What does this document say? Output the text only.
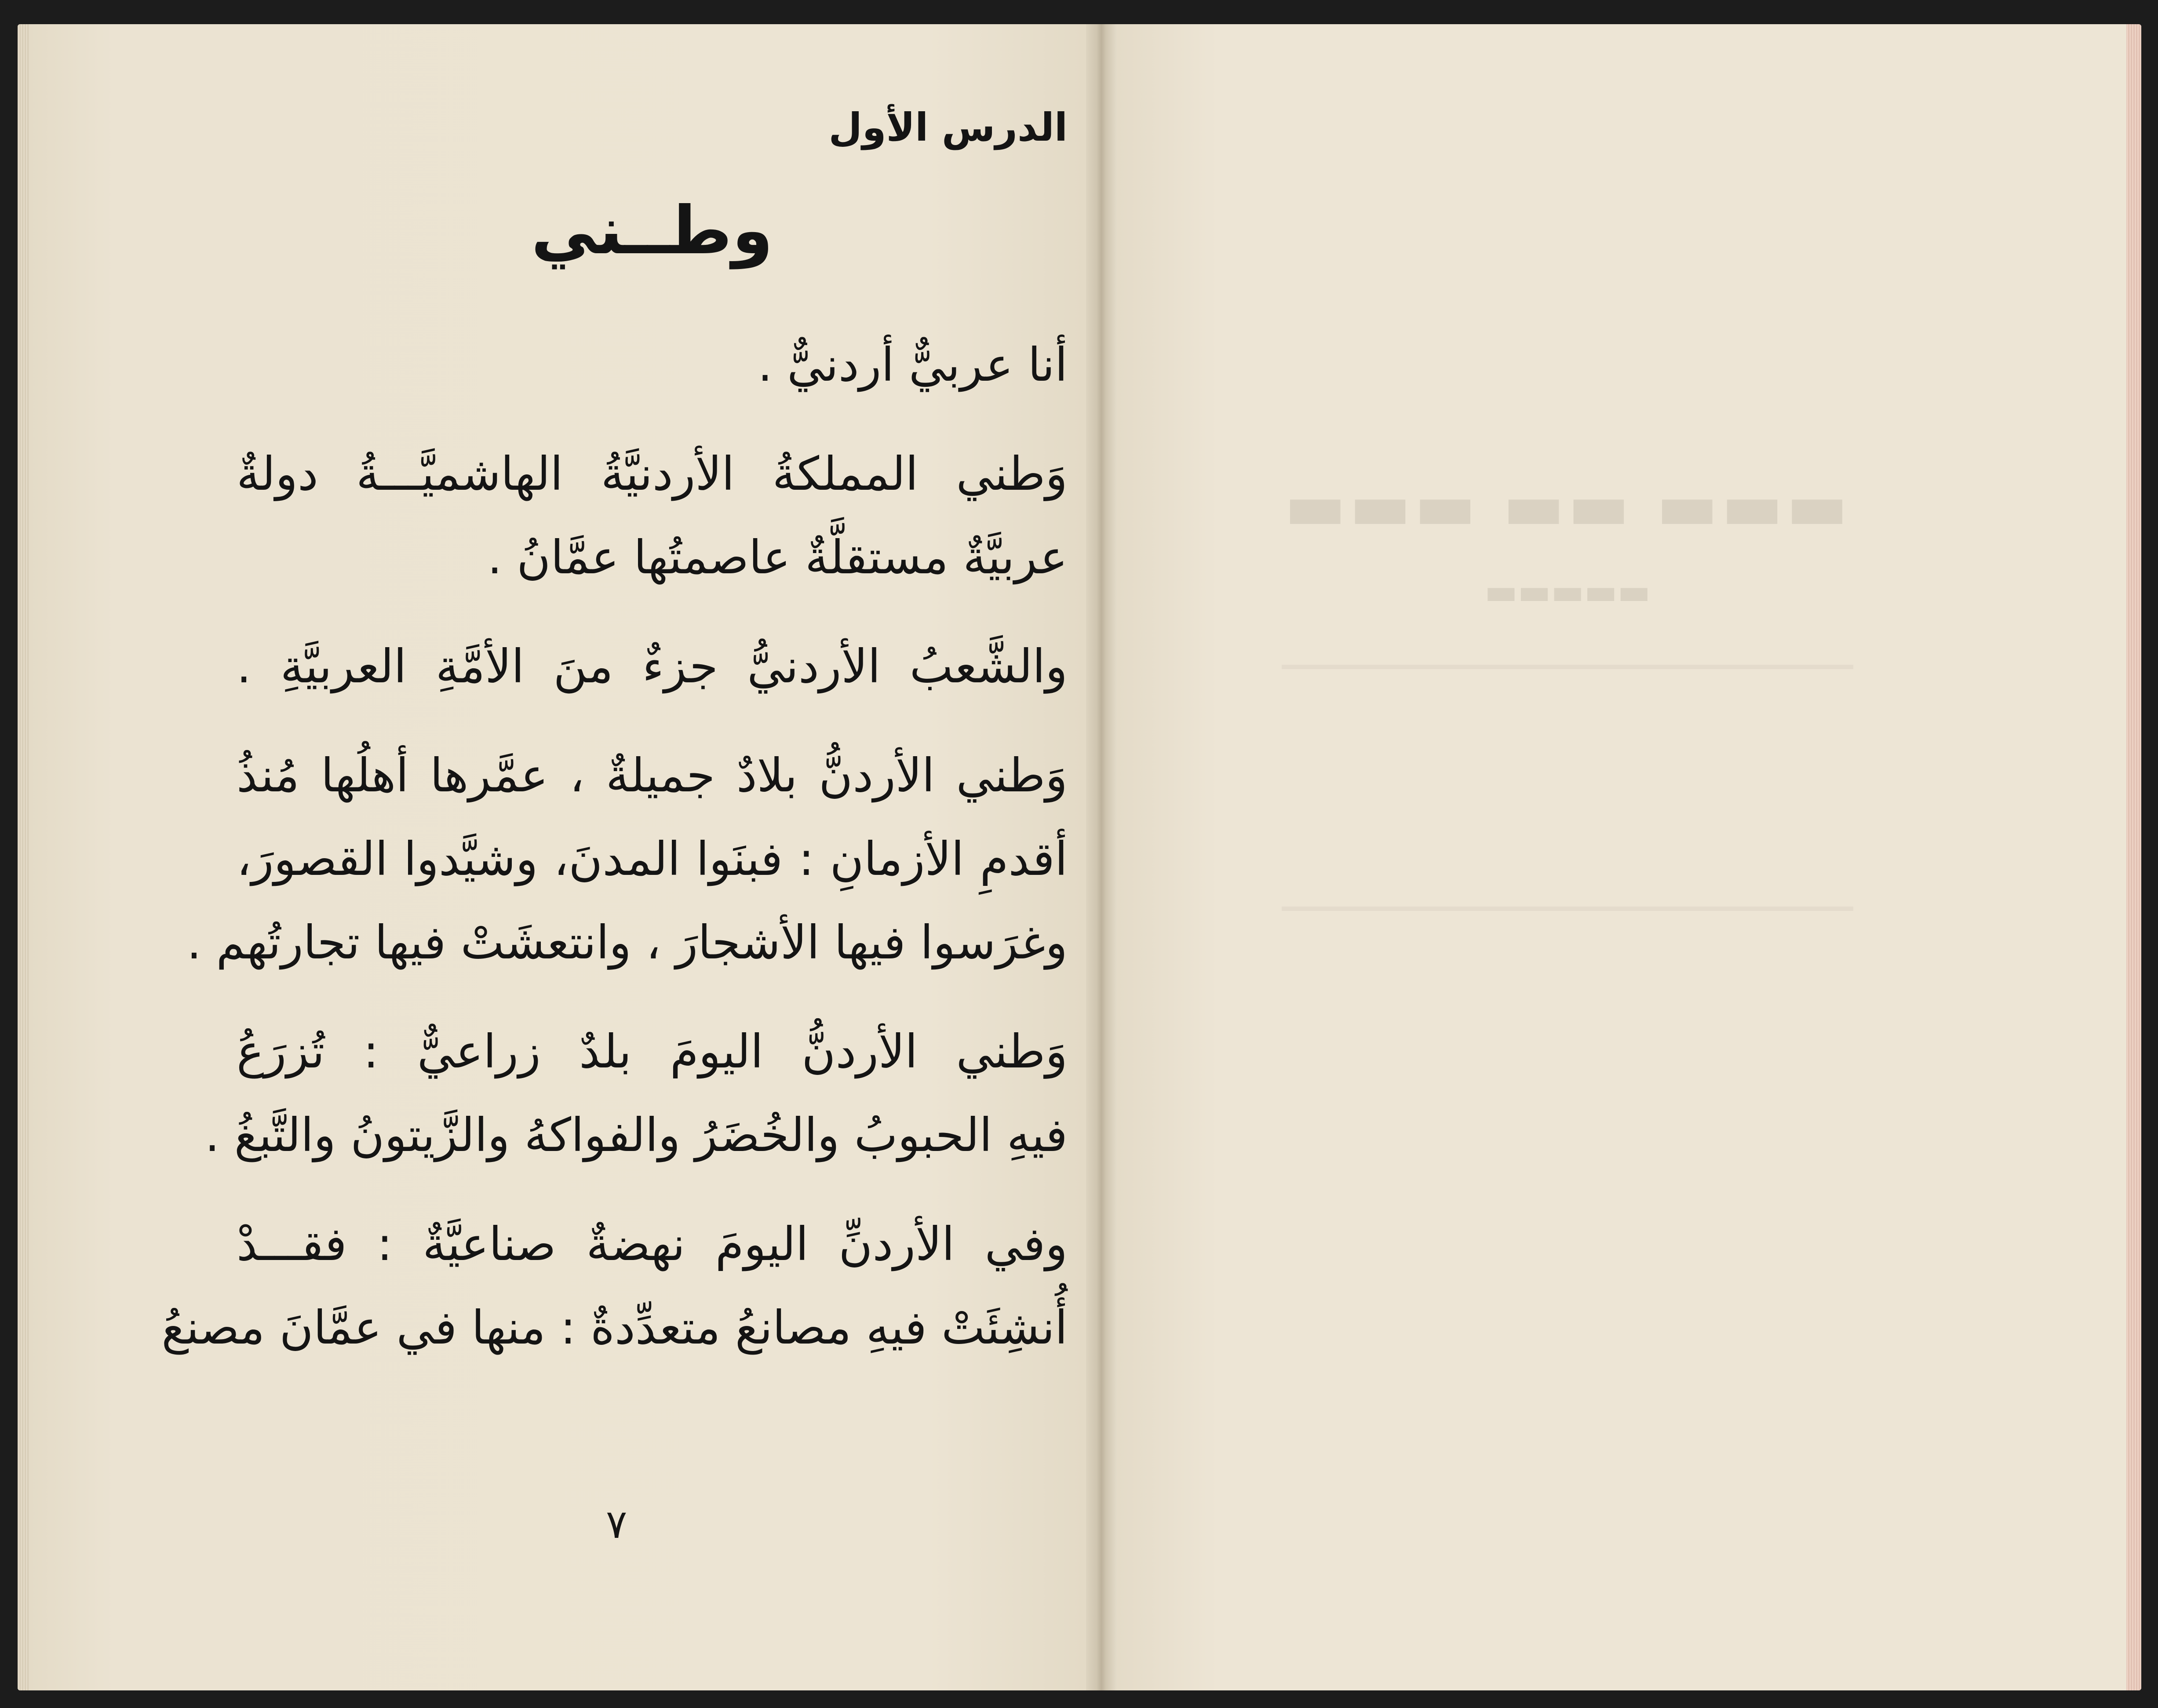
الدرس الأول

وطــني

أنا عربيٌّ أردنيٌّ .

وَطني المملكةُ الأردنيَّةُ الهاشميَّـــةُ دولةٌ

عربيَّةٌ مستقلَّةٌ عاصمتُها عمَّانُ .

والشَّعبُ الأردنيُّ جزءٌ منَ الأمَّةِ العربيَّةِ .

وَطني الأردنُّ بلادٌ جميلةٌ ، عمَّرها أهلُها مُنذُ

أقدمِ الأزمانِ : فبنَوا المدنَ، وشيَّدوا القصورَ،

وغرَسوا فيها الأشجارَ ، وانتعشَتْ فيها تجارتُهم .

وَطني الأردنُّ اليومَ بلدٌ زراعيٌّ : تُزرَعُ

فيهِ الحبوبُ والخُضَرُ والفواكهُ والزَّيتونُ والتَّبغُ .

وفي الأردنِّ اليومَ نهضةٌ صناعيَّةٌ : فقـــدْ

أُنشِئَتْ فيهِ مصانعُ متعدِّدةٌ : منها في عمَّانَ مصنعُ

٧
▬▬▬ ▬▬ ▬▬▬
▬▬▬▬▬
